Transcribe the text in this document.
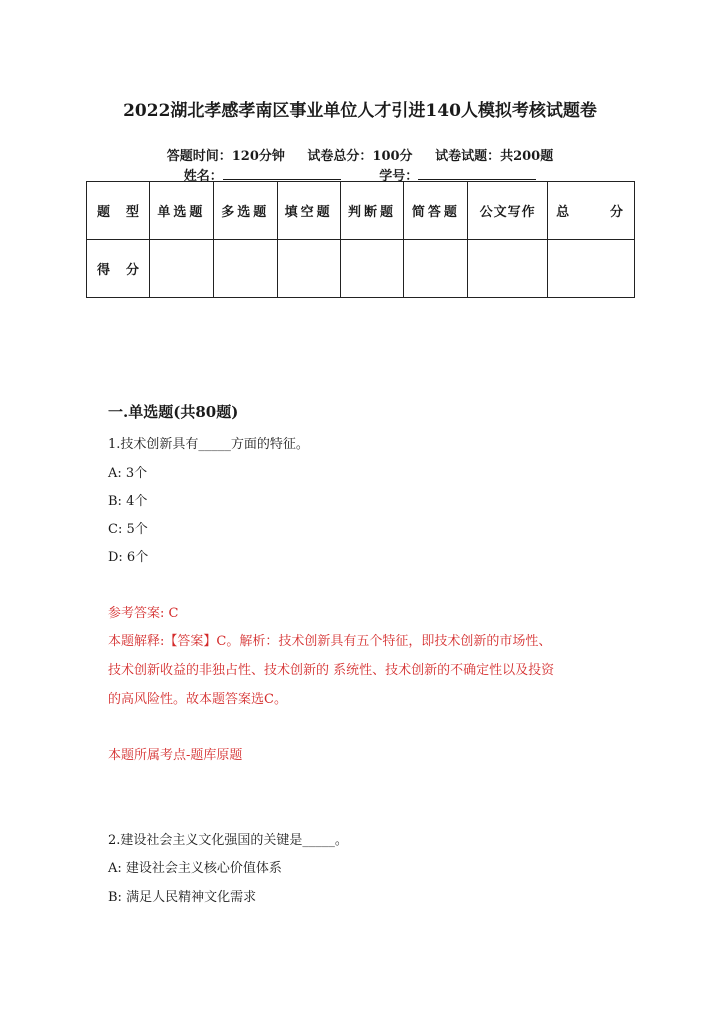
2022湖北孝感孝南区事业单位人才引进140人模拟考核试题卷
答题时间：120分钟 试卷总分：100分 试卷试题：共200题
姓名：	学号：
题 型	单选题	多选题	填空题	判断题	简答题	公文写作	总 分

得 分							

一.单选题(共80题)
1.技术创新具有_____方面的特征。
A: 3个
B: 4个
C: 5个
D: 6个
参考答案: C
本题解释:【答案】C。解析：技术创新具有五个特征，即技术创新的市场性、
技术创新收益的非独占性、技术创新的 系统性、技术创新的不确定性以及投资
的高风险性。故本题答案选C。
本题所属考点-题库原题
2.建设社会主义文化强国的关键是_____。
A: 建设社会主义核心价值体系
B: 满足人民精神文化需求
